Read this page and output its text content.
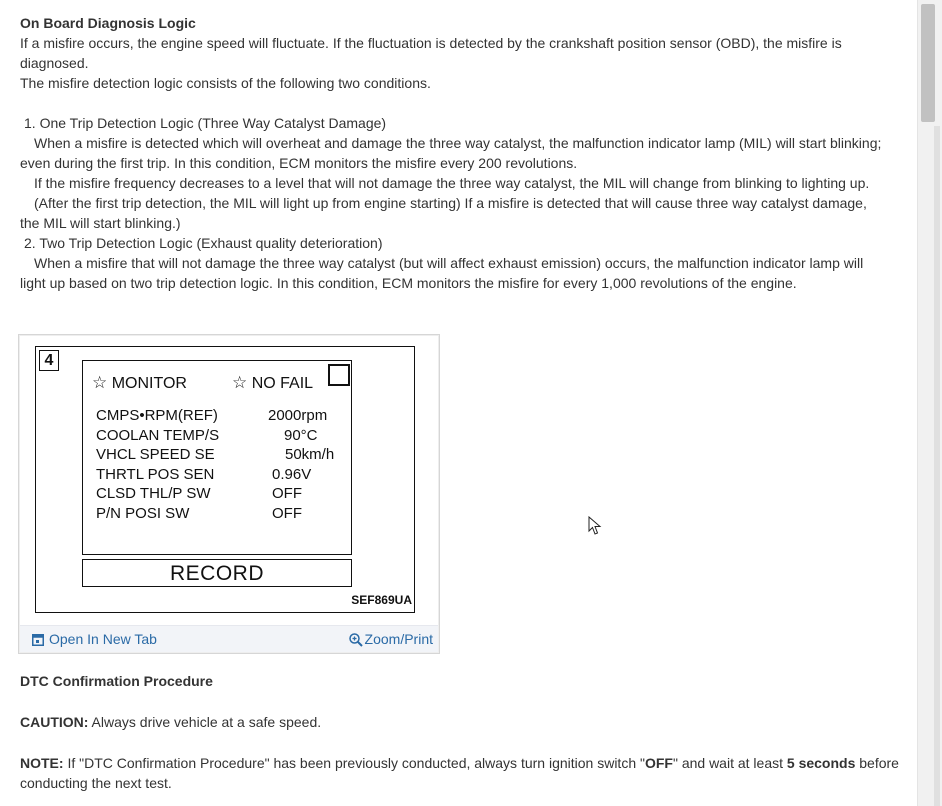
On Board Diagnosis Logic

If a misfire occurs, the engine speed will fluctuate. If the fluctuation is detected by the crankshaft position sensor (OBD), the misfire is

diagnosed.

The misfire detection logic consists of the following two conditions.

1. One Trip Detection Logic (Three Way Catalyst Damage)

When a misfire is detected which will overheat and damage the three way catalyst, the malfunction indicator lamp (MIL) will start blinking;

even during the first trip. In this condition, ECM monitors the misfire every 200 revolutions.

If the misfire frequency decreases to a level that will not damage the three way catalyst, the MIL will change from blinking to lighting up.

(After the first trip detection, the MIL will light up from engine starting) If a misfire is detected that will cause three way catalyst damage,

the MIL will start blinking.)

2. Two Trip Detection Logic (Exhaust quality deterioration)

When a misfire that will not damage the three way catalyst (but will affect exhaust emission) occurs, the malfunction indicator lamp will

light up based on two trip detection logic. In this condition, ECM monitors the misfire for every 1,000 revolutions of the engine.

4
☆ MONITOR	☆ NO FAIL
CMPS•RPM(REF)	2000rpm
COOLAN TEMP/S	90°C
VHCL SPEED SE	50km/h
THRTL POS SEN	0.96V
CLSD THL/P SW	OFF
P/N POSI SW	OFF
RECORD
SEF869UA
Open In New Tab	Zoom/Print

DTC Confirmation Procedure

CAUTION: Always drive vehicle at a safe speed.

NOTE: If "DTC Confirmation Procedure" has been previously conducted, always turn ignition switch "OFF" and wait at least 5 seconds before

conducting the next test.
